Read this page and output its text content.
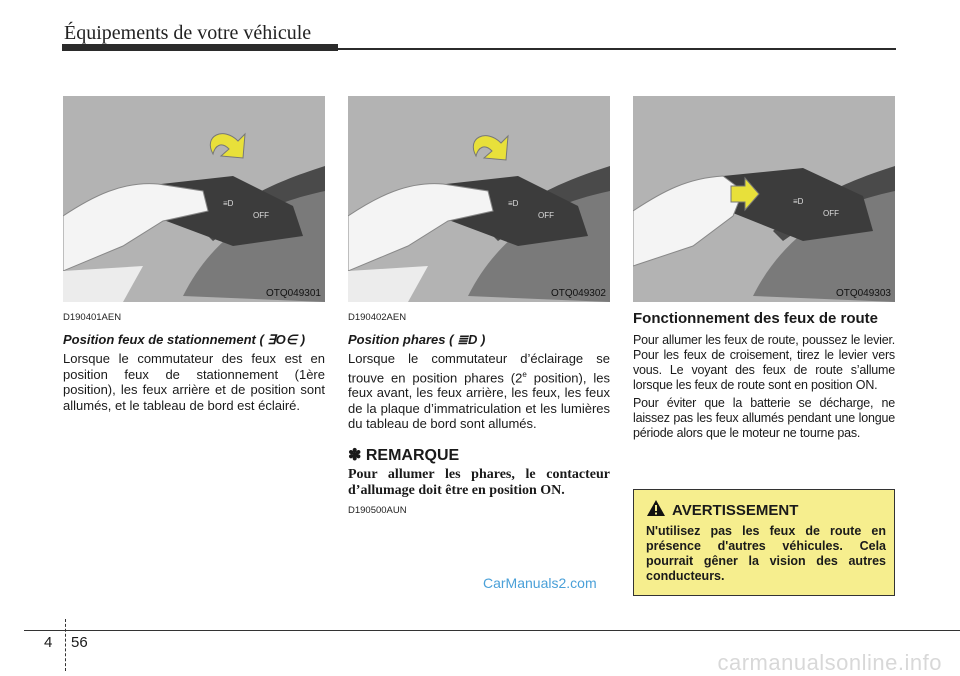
Équipements de votre véhicule
≡D
OFF
OTQ049301
≡D
OFF
OTQ049302
≡D
OFF
OTQ049303
D190401AEN
Position feux de stationnement ( ∃O∈ )

Lorsque le commutateur des feux est en position feux de stationnement (1ère position), les feux arrière et de position sont allumés, et le tableau de bord est éclairé.

D190402AEN
Position phares ( ≣D )

Lorsque le commutateur d’éclairage se trouve en position phares (2e position), les feux avant, les feux arrière, les feux, les feux de la plaque d’immatriculation et les lumières du tableau de bord sont allumés.

✽ REMARQUE

Pour allumer les phares, le contacteur d’allumage doit être en position ON.

D190500AUN
Fonctionnement des feux de route

Pour allumer les feux de route, poussez le levier. Pour les feux de croisement, tirez le levier vers vous. Le voyant des feux de route s’allume lorsque les feux de route sont en position ON.

Pour éviter que la batterie se décharge, ne laissez pas les feux allumés pendant une longue période alors que le moteur ne tourne pas.

AVERTISSEMENT
N'utilisez pas les feux de route en présence d'autres véhicules. Cela pourrait gêner la vision des autres conducteurs.
CarManuals2.com
4 56
carmanualsonline.info
